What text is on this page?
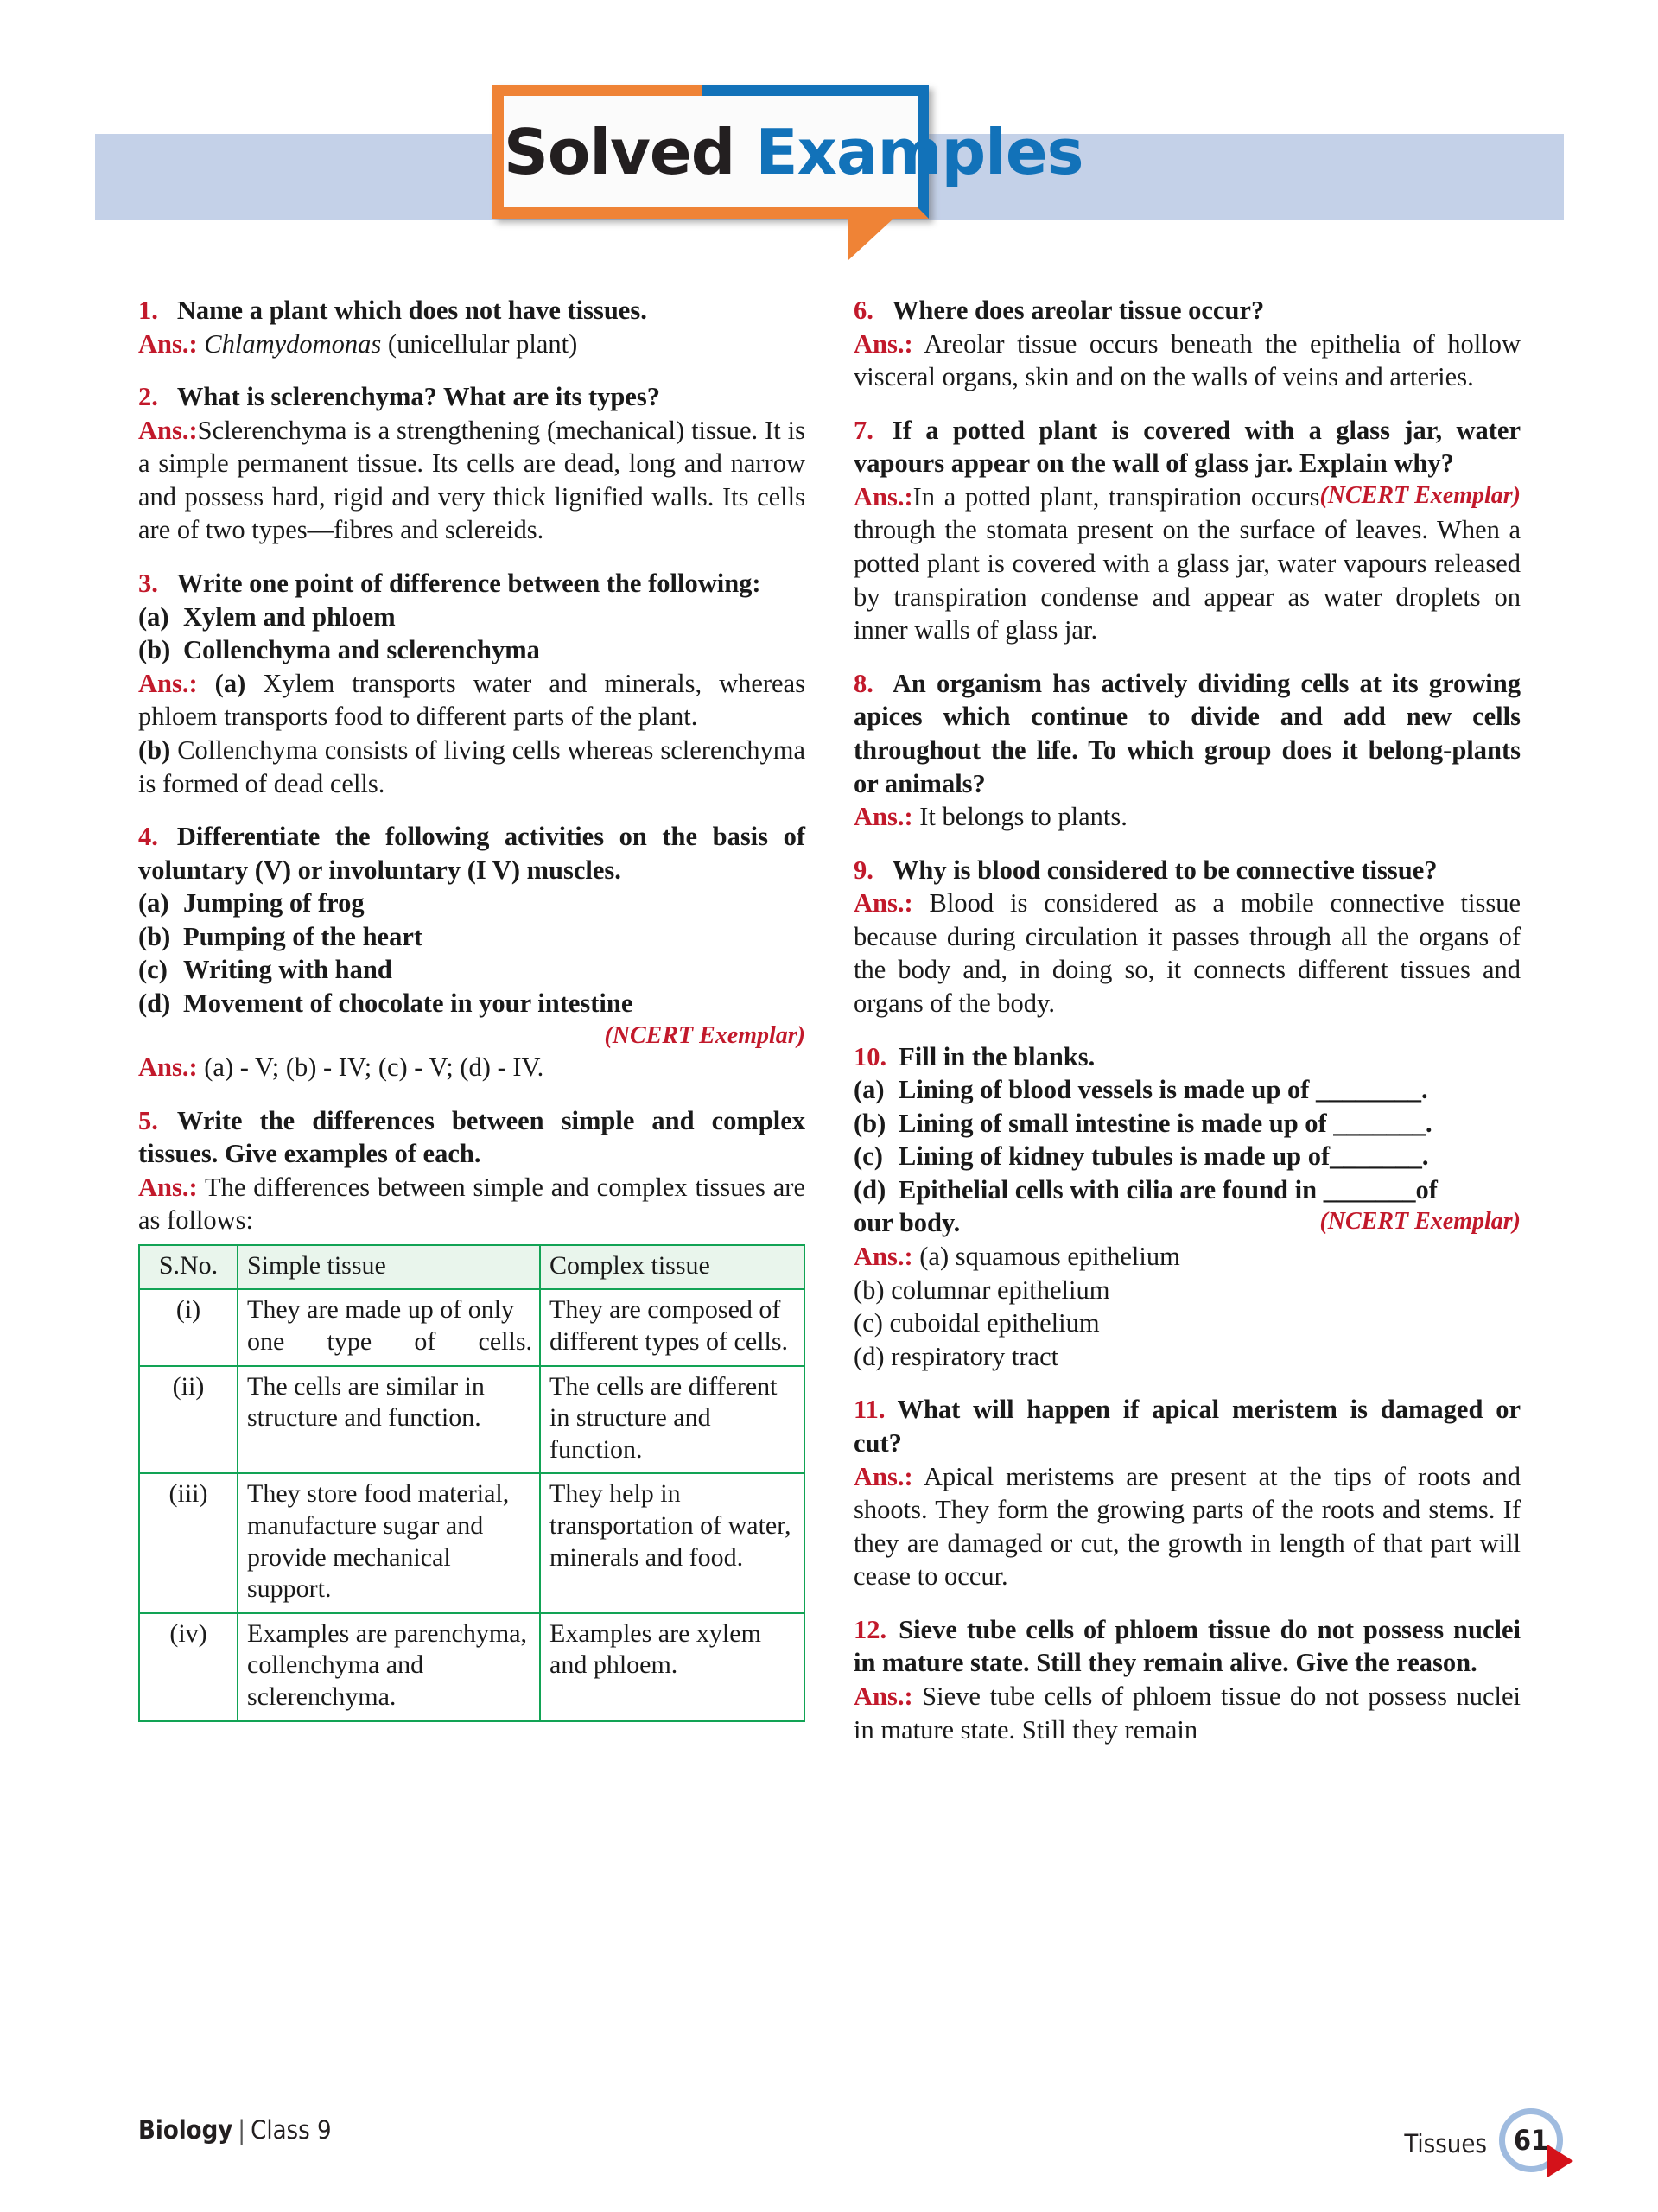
Solved Examples

1. Name a plant which does not have tissues.

Ans.: Chlamydomonas (unicellular plant)

2. What is sclerenchyma? What are its types?

Ans.:Sclerenchyma is a strengthening (mechanical) tissue. It is a simple permanent tissue. Its cells are dead, long and narrow and possess hard, rigid and very thick lignified walls. Its cells are of two types—fibres and sclereids.

3. Write one point of difference between the following:

(a) Xylem and phloem

(b) Collenchyma and sclerenchyma

Ans.: (a) Xylem transports water and minerals, whereas phloem transports food to different parts of the plant.

(b) Collenchyma consists of living cells whereas sclerenchyma is formed of dead cells.

4. Differentiate the following activities on the basis of voluntary (V) or involuntary (I V) muscles.

(a) Jumping of frog

(b) Pumping of the heart

(c) Writing with hand

(d) Movement of chocolate in your intestine

(NCERT Exemplar)

Ans.: (a) - V; (b) - IV; (c) - V; (d) - IV.

5. Write the differences between simple and complex tissues. Give examples of each.

Ans.: The differences between simple and complex tissues are as follows:

S.No.	Simple tissue	Complex tissue
(i)	They are made up of only one type of cells.	They are composed of different types of cells.
(ii)	The cells are similar in structure and function.	The cells are different in structure and function.
(iii)	They store food material, manufacture sugar and provide mechanical support.	They help in transportation of water, minerals and food.
(iv)	Examples are parenchyma, collenchyma and sclerenchyma.	Examples are xylem and phloem.

6. Where does areolar tissue occur?

Ans.: Areolar tissue occurs beneath the epithelia of hollow visceral organs, skin and on the walls of veins and arteries.

7. If a potted plant is covered with a glass jar, water vapours appear on the wall of glass jar. Explain why?
(NCERT Exemplar)

Ans.:In a potted plant, transpiration occurs through the stomata present on the surface of leaves. When a potted plant is covered with a glass jar, water vapours released by transpiration condense and appear as water droplets on inner walls of glass jar.

8. An organism has actively dividing cells at its growing apices which continue to divide and add new cells throughout the life. To which group does it belong-plants or animals?

Ans.: It belongs to plants.

9. Why is blood considered to be connective tissue?

Ans.: Blood is considered as a mobile connective tissue because during circulation it passes through all the organs of the body and, in doing so, it connects different tissues and organs of the body.

10. Fill in the blanks.

(a) Lining of blood vessels is made up of ________.

(b) Lining of small intestine is made up of _______.

(c) Lining of kidney tubules is made up of_______.

(d) Epithelial cells with cilia are found in _______of

our body.	(NCERT Exemplar)

Ans.: (a) squamous epithelium

(b) columnar epithelium

(c) cuboidal epithelium

(d) respiratory tract

11. What will happen if apical meristem is damaged or cut?

Ans.: Apical meristems are present at the tips of roots and shoots. They form the growing parts of the roots and stems. If they are damaged or cut, the growth in length of that part will cease to occur.

12. Sieve tube cells of phloem tissue do not possess nuclei in mature state. Still they remain alive. Give the reason.

Ans.: Sieve tube cells of phloem tissue do not possess nuclei in mature state. Still they remain

Biology | Class 9	Tissues 61
